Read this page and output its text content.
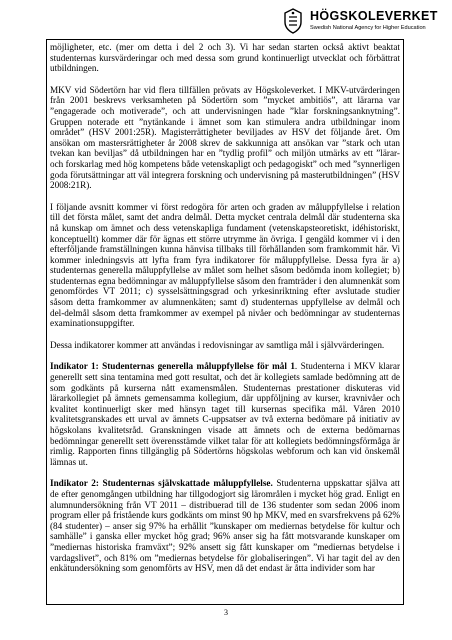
HÖGSKOLEVERKET
Swedish National Agency for Higher Education

möjligheter, etc. (mer om detta i del 2 och 3). Vi har sedan starten också aktivt beaktat studenternas kursvärderingar och med dessa som grund kontinuerligt utvecklat och förbättrat utbildningen.

MKV vid Södertörn har vid flera tillfällen prövats av Högskoleverket. I MKV-utvärderingen från 2001 beskrevs verksamheten på Södertörn som ”mycket ambitiös”, att lärarna var ”engagerade och motiverade”, och att undervisningen hade ”klar forskningsanknytning”. Gruppen noterade ett ”nytänkande i ämnet som kan stimulera andra utbildningar inom området” (HSV 2001:25R). Magisterrättigheter beviljades av HSV det följande året. Om ansökan om mastersrättigheter år 2008 skrev de sakkunniga att ansökan var ”stark och utan tvekan kan beviljas” då utbildningen har en ”tydlig profil” och miljön utmärks av ett ”lärar- och forskarlag med hög kompetens både vetenskapligt och pedagogiskt” och med ”synnerligen goda förutsättningar att väl integrera forskning och undervisning på masterutbildningen” (HSV 2008:21R).

I följande avsnitt kommer vi först redogöra för arten och graden av måluppfyllelse i relation till det första målet, samt det andra delmål. Detta mycket centrala delmål där studenterna ska nå kunskap om ämnet och dess vetenskapliga fundament (vetenskapsteoretiskt, idéhistoriskt, konceptuellt) kommer där för ägnas ett större utrymme än övriga. I gengäld kommer vi i den efterföljande framställningen kunna hänvisa tillbaks till förhållanden som framkommit här. Vi kommer inledningsvis att lyfta fram fyra indikatorer för måluppfyllelse. Dessa fyra är a) studenternas generella måluppfyllelse av målet som helhet såsom bedömda inom kollegiet; b) studenternas egna bedömningar av måluppfyllelse såsom den framträder i den alumnenkät som genomfördes VT 2011; c) sysselsättningsgrad och yrkesinriktning efter avslutade studier såsom detta framkommer av alumnenkäten; samt d) studenternas uppfyllelse av delmål och del-delmål såsom detta framkommer av exempel på nivåer och bedömningar av studenternas examinationsuppgifter.

Dessa indikatorer kommer att användas i redovisningar av samtliga mål i självvärderingen.

Indikator 1: Studenternas generella måluppfyllelse för mål 1. Studenterna i MKV klarar generellt sett sina tentamina med gott resultat, och det är kollegiets samlade bedömning att de som godkänts på kurserna nått examensmålen. Studenternas prestationer diskuteras vid lärarkollegiet på ämnets gemensamma kollegium, där uppföljning av kurser, kravnivåer och kvalitet kontinuerligt sker med hänsyn taget till kursernas specifika mål. Våren 2010 kvalitetsgranskades ett urval av ämnets C-uppsatser av två externa bedömare på initiativ av högskolans kvalitetsråd. Granskningen visade att ämnets och de externa bedömarnas bedömningar generellt sett överensstämde vilket talar för att kollegiets bedömningsförmåga är rimlig. Rapporten finns tillgänglig på Södertörns högskolas webforum och kan vid önskemål lämnas ut.

Indikator 2: Studenternas självskattade måluppfyllelse. Studenterna uppskattar själva att de efter genomgången utbildning har tillgodogjort sig lärområlen i mycket hög grad. Enligt en alumnundersökning från VT 2011 – distribuerad till de 136 studenter som sedan 2006 inom program eller på fristående kurs godkänts om minst 90 hp MKV, med en svarsfrekvens på 62% (84 studenter) – anser sig 97% ha erhållit ”kunskaper om mediernas betydelse för kultur och samhälle” i ganska eller mycket hög grad; 96% anser sig ha fått motsvarande kunskaper om ”mediernas historiska framväxt”; 92% ansett sig fått kunskaper om ”mediernas betydelse i vardagslivet”, och 81% om ”mediernas betydelse för globaliseringen”. Vi har tagit del av den enkätundersökning som genomförts av HSV, men då det endast är åtta individer som har

3
